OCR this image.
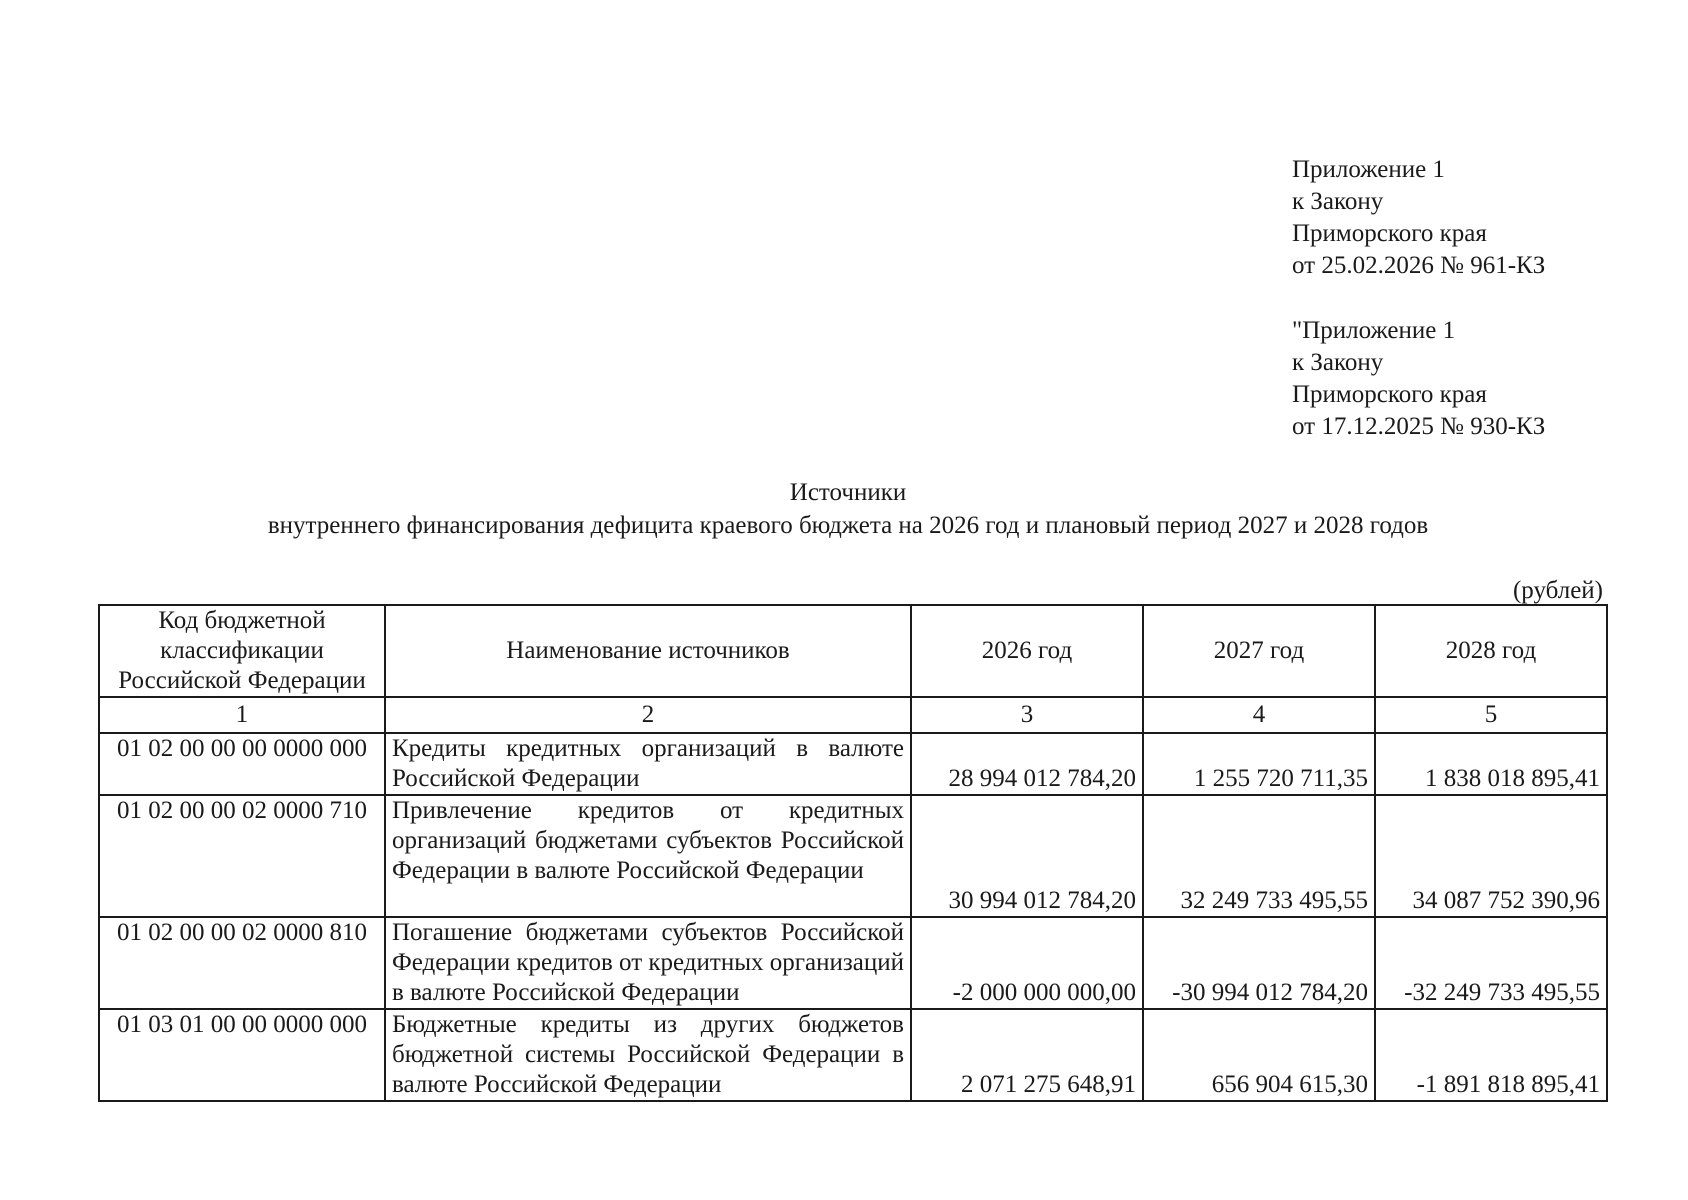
Приложение 1
к Закону
Приморского края
от 25.02.2026 № 961-КЗ
"Приложение 1
к Закону
Приморского края
от 17.12.2025 № 930-КЗ
Источники
внутреннего финансирования дефицита краевого бюджета на 2026 год и плановый период 2027 и 2028 годов
(рублей)
Код бюджетной классификации Российской Федерации	Наименование источников	2026 год	2027 год	2028 год
1	2	3	4	5
01 02 00 00 00 0000 000	Кредиты кредитных организаций в валюте Российской Федерации	28 994 012 784,20	1 255 720 711,35	1 838 018 895,41
01 02 00 00 02 0000 710	Привлечение кредитов от кредитных организаций бюджетами субъектов Российской Федерации в валюте Российской Федерации	30 994 012 784,20	32 249 733 495,55	34 087 752 390,96
01 02 00 00 02 0000 810	Погашение бюджетами субъектов Российской Федерации кредитов от кредитных организаций в валюте Российской Федерации	-2 000 000 000,00	-30 994 012 784,20	-32 249 733 495,55
01 03 01 00 00 0000 000	Бюджетные кредиты из других бюджетов бюджетной системы Российской Федерации в валюте Российской Федерации	2 071 275 648,91	656 904 615,30	-1 891 818 895,41
